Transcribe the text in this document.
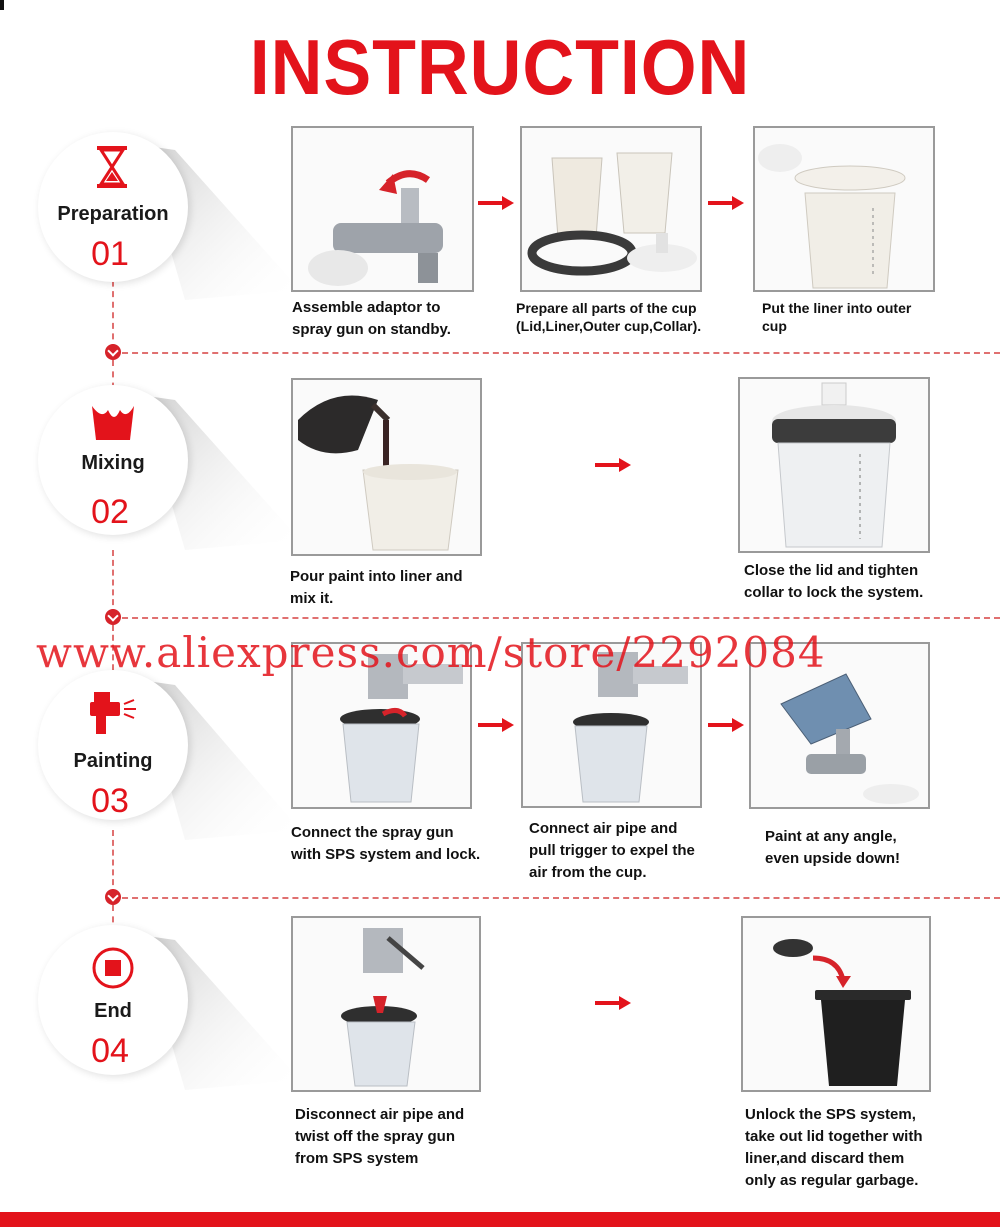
INSTRUCTION
Preparation
01
Mixing
02
Painting
03
End
04
Assemble adaptor to
spray gun on standby.
Prepare all parts of the cup
(Lid,Liner,Outer cup,Collar).
Put the liner into outer
cup
Pour paint into liner and
mix it.
Close the lid and tighten
collar to lock the system.
Connect the spray gun
with SPS system and lock.
Connect air pipe and
pull trigger to expel the
air from the cup.
Paint at any angle,
even upside down!
Disconnect air pipe and
twist off the spray gun
from SPS system
Unlock the SPS system,
take out lid together with
liner,and discard them
only as regular garbage.
www.aliexpress.com/store/2292084
